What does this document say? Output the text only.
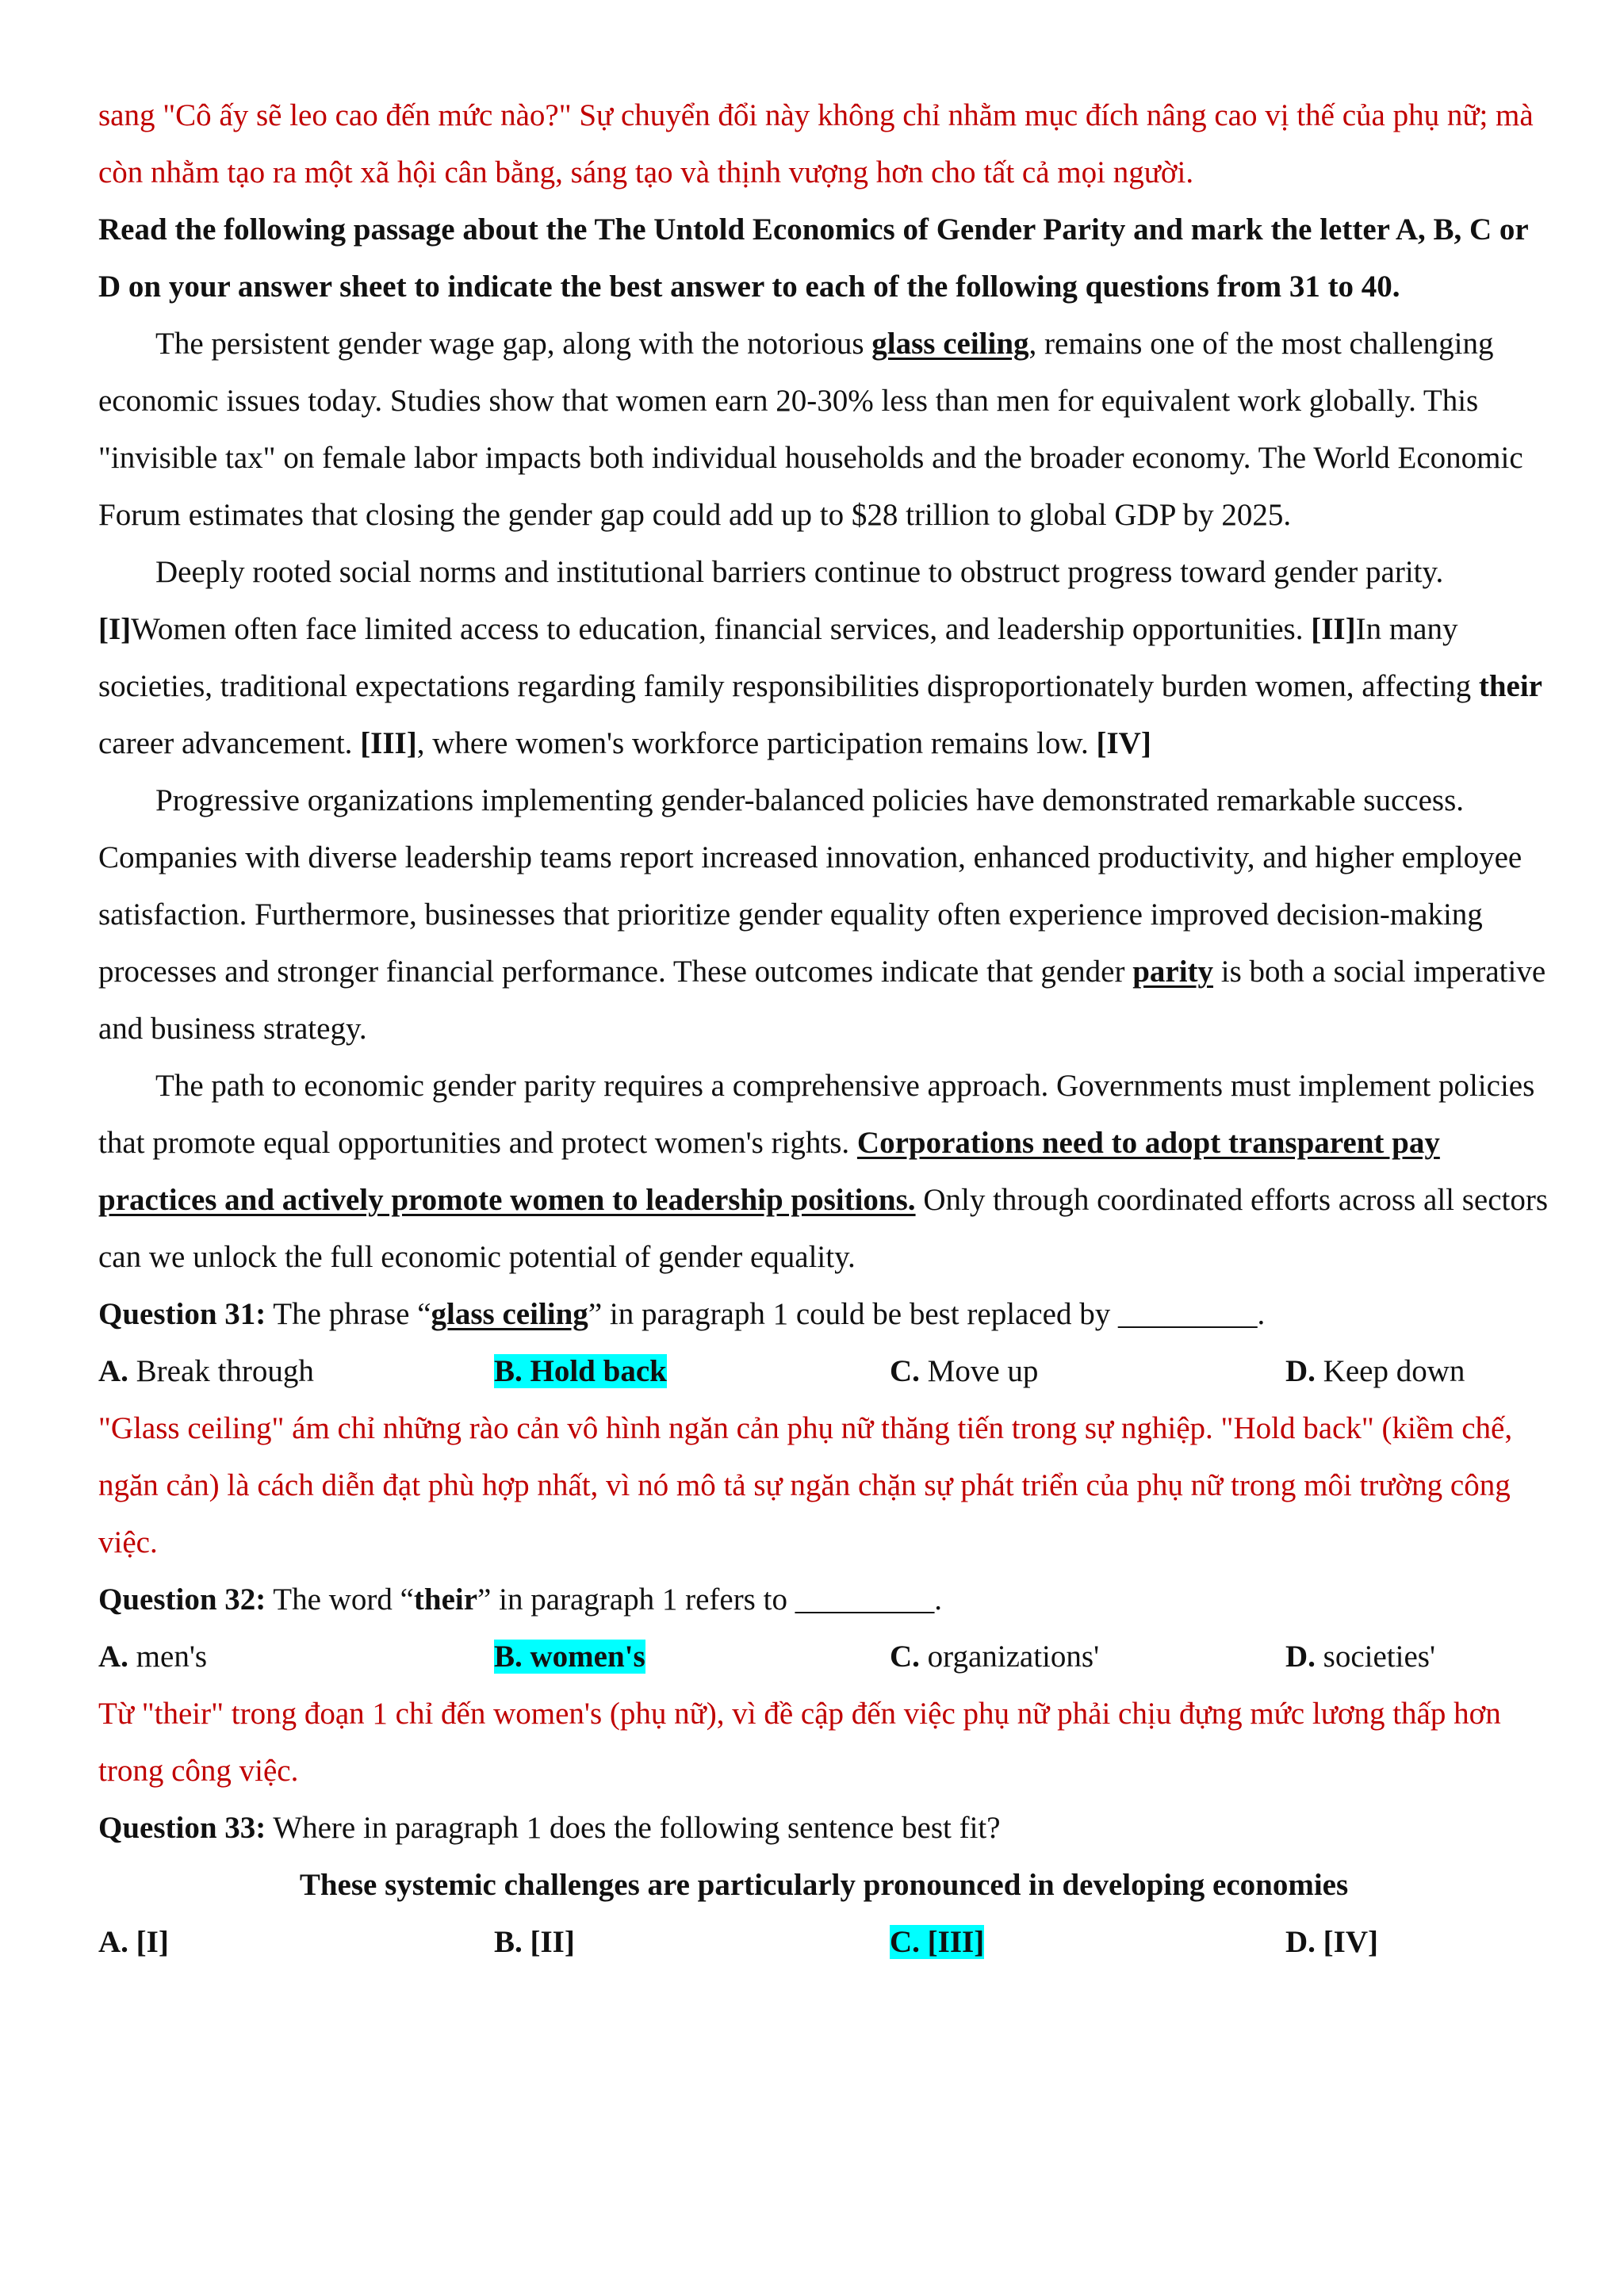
sang "Cô ấy sẽ leo cao đến mức nào?" Sự chuyển đổi này không chỉ nhằm mục đích nâng cao vị thế của phụ nữ; mà còn nhằm tạo ra một xã hội cân bằng, sáng tạo và thịnh vượng hơn cho tất cả mọi người.

Read the following passage about the The Untold Economics of Gender Parity and mark the letter A, B, C or D on your answer sheet to indicate the best answer to each of the following questions from 31 to 40.

The persistent gender wage gap, along with the notorious glass ceiling, remains one of the most challenging economic issues today. Studies show that women earn 20-30% less than men for equivalent work globally. This "invisible tax" on female labor impacts both individual households and the broader economy. The World Economic Forum estimates that closing the gender gap could add up to $28 trillion to global GDP by 2025.

Deeply rooted social norms and institutional barriers continue to obstruct progress toward gender parity. [I]Women often face limited access to education, financial services, and leadership opportunities. [II]In many societies, traditional expectations regarding family responsibilities disproportionately burden women, affecting their career advancement. [III], where women's workforce participation remains low. [IV]

Progressive organizations implementing gender-balanced policies have demonstrated remarkable success. Companies with diverse leadership teams report increased innovation, enhanced productivity, and higher employee satisfaction. Furthermore, businesses that prioritize gender equality often experience improved decision-making processes and stronger financial performance. These outcomes indicate that gender parity is both a social imperative and business strategy.

The path to economic gender parity requires a comprehensive approach. Governments must implement policies that promote equal opportunities and protect women's rights. Corporations need to adopt transparent pay practices and actively promote women to leadership positions. Only through coordinated efforts across all sectors can we unlock the full economic potential of gender equality.

Question 31: The phrase “glass ceiling” in paragraph 1 could be best replaced by _________.

A. Break through	B. Hold back	C. Move up	D. Keep down

"Glass ceiling" ám chỉ những rào cản vô hình ngăn cản phụ nữ thăng tiến trong sự nghiệp. "Hold back" (kiềm chế, ngăn cản) là cách diễn đạt phù hợp nhất, vì nó mô tả sự ngăn chặn sự phát triển của phụ nữ trong môi trường công việc.

Question 32: The word “their” in paragraph 1 refers to _________.

A. men's	B. women's	C. organizations'	D. societies'

Từ "their" trong đoạn 1 chỉ đến women's (phụ nữ), vì đề cập đến việc phụ nữ phải chịu đựng mức lương thấp hơn trong công việc.

Question 33: Where in paragraph 1 does the following sentence best fit?

These systemic challenges are particularly pronounced in developing economies

A. [I]	B. [II]	C. [III]	D. [IV]
